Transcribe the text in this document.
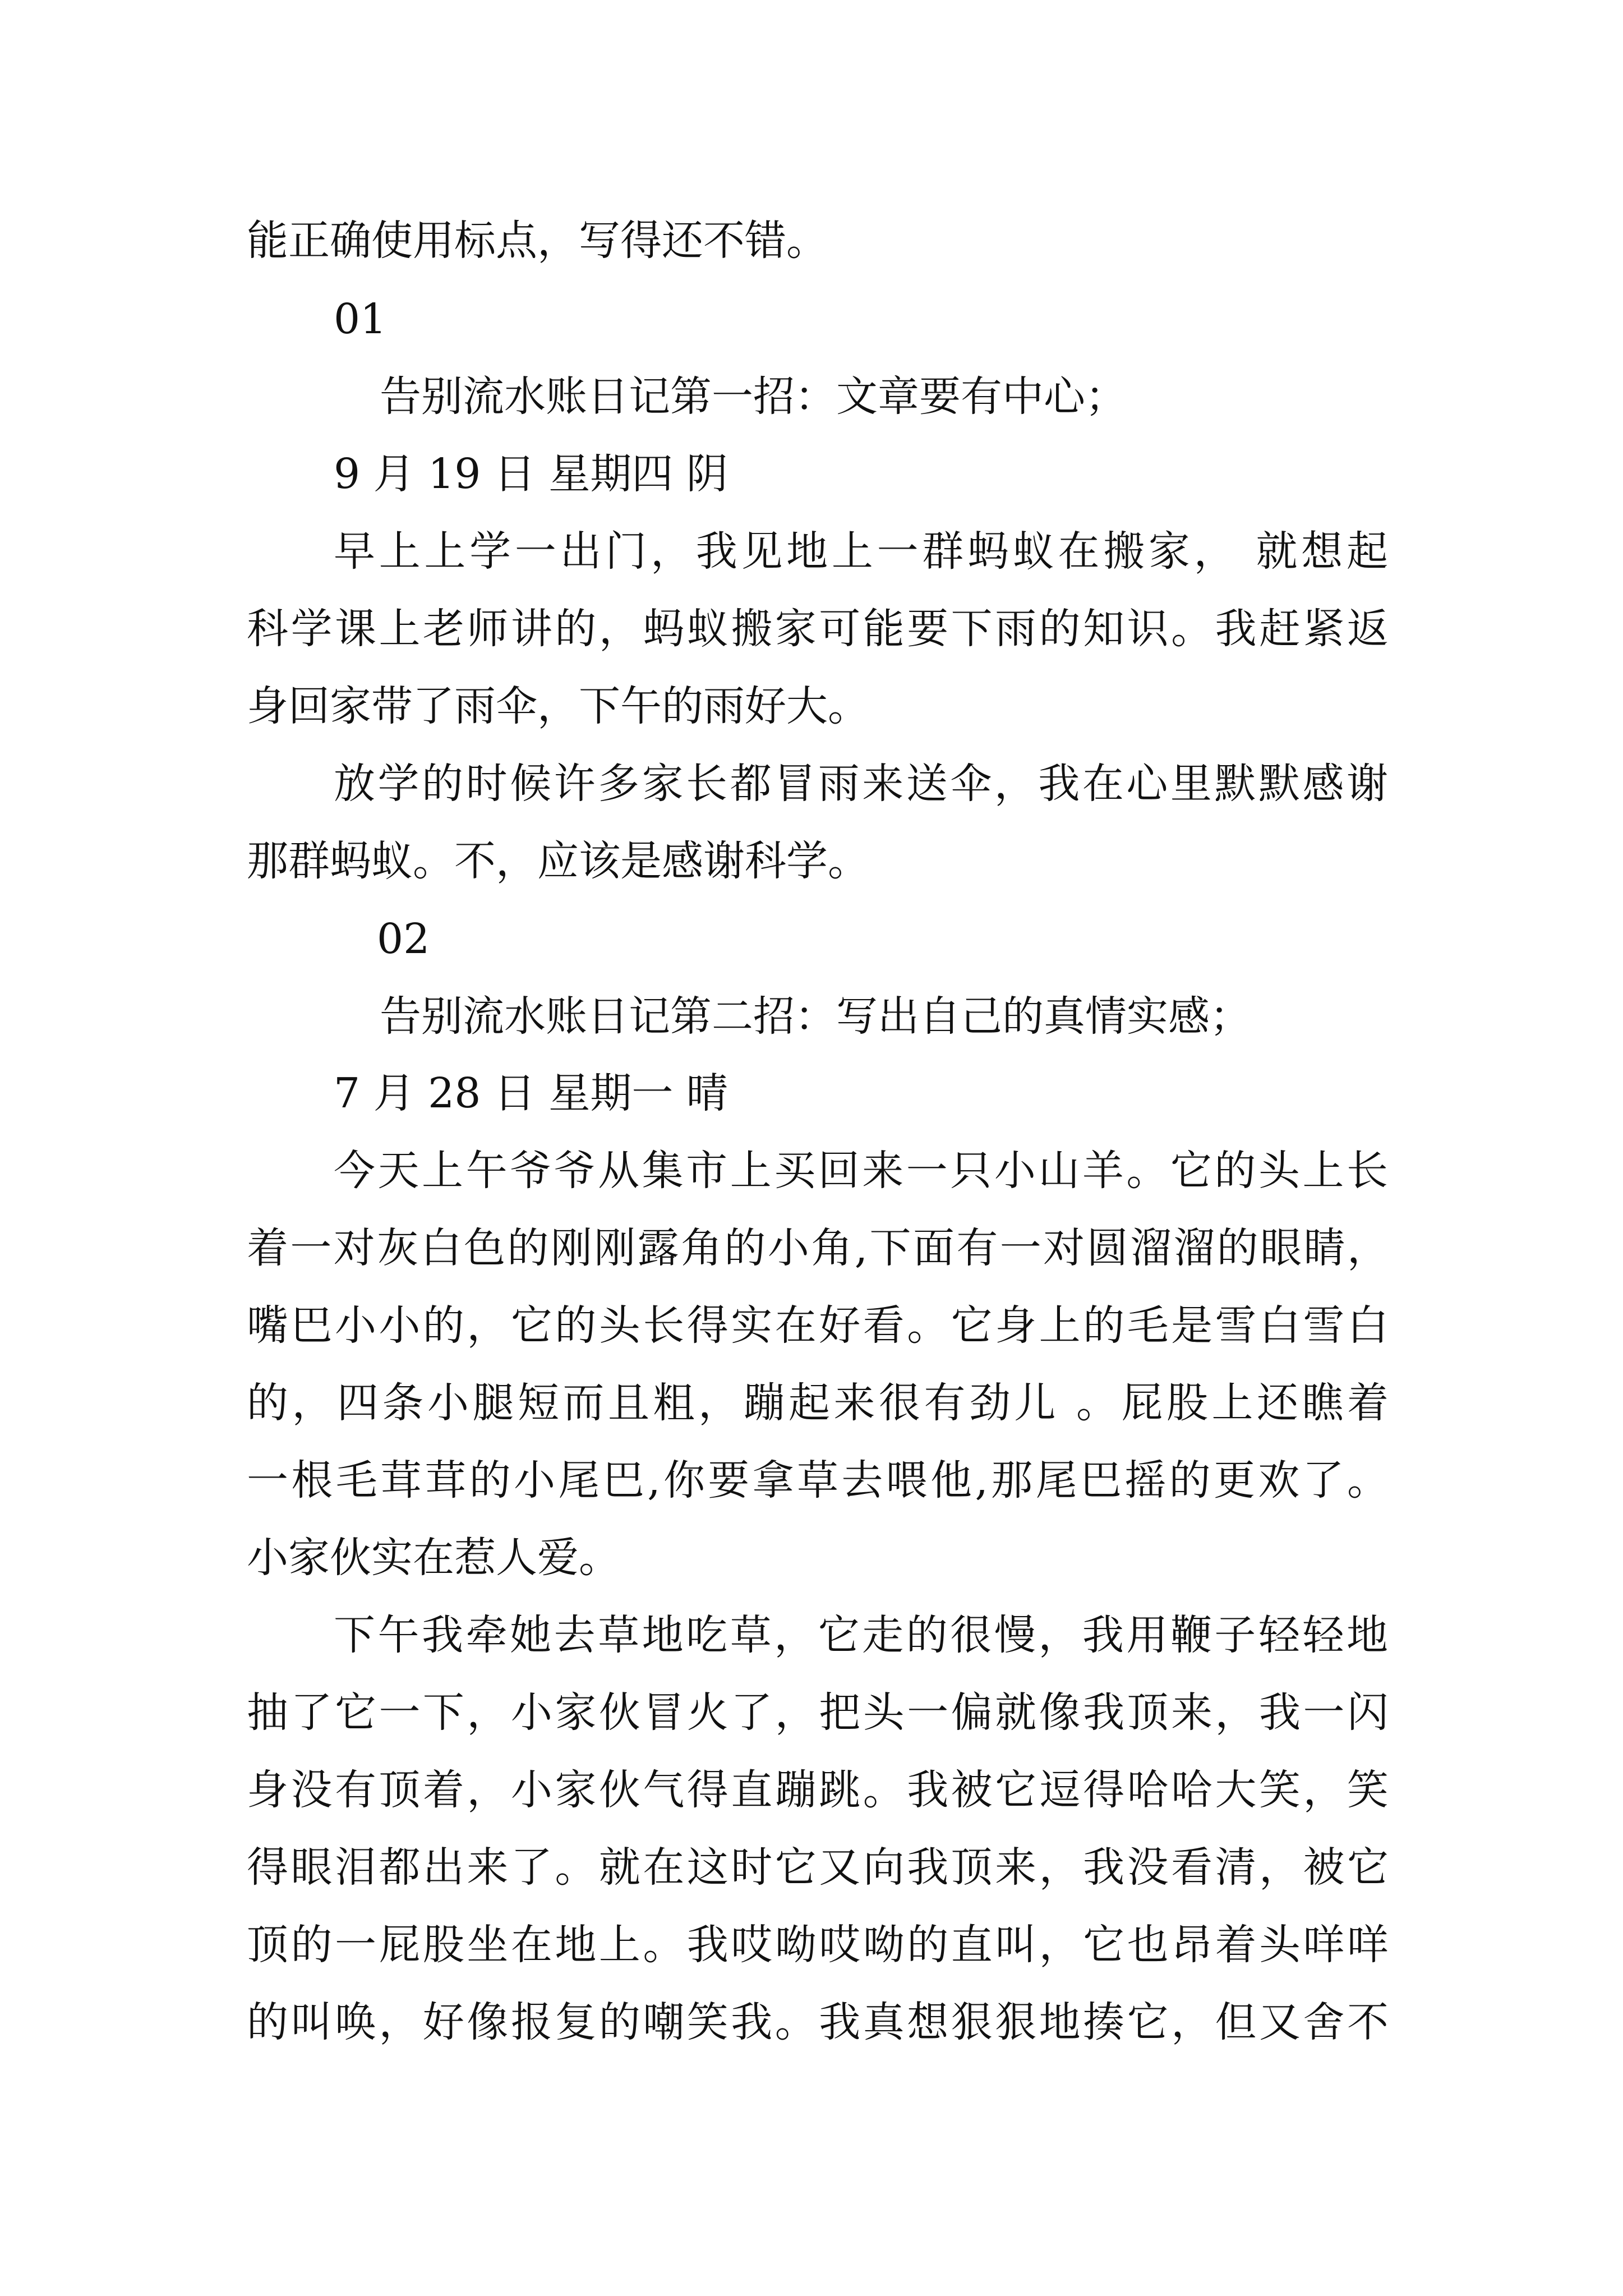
能正确使用标点，写得还不错。

01

告别流水账日记第一招：文章要有中心；

9 月 19 日 星期四 阴

早上上学一出门，我见地上一群蚂蚁在搬家， 就想起

科学课上老师讲的，蚂蚁搬家可能要下雨的知识。我赶紧返

身回家带了雨伞，下午的雨好大。

放学的时候许多家长都冒雨来送伞，我在心里默默感谢

那群蚂蚁。不，应该是感谢科学。

02

告别流水账日记第二招：写出自己的真情实感；

7 月 28 日 星期一 晴

今天上午爷爷从集市上买回来一只小山羊。它的头上长

着一对灰白色的刚刚露角的小角,下面有一对圆溜溜的眼睛，

嘴巴小小的，它的头长得实在好看。它身上的毛是雪白雪白

的，四条小腿短而且粗，蹦起来很有劲儿 。屁股上还瞧着

一根毛茸茸的小尾巴,你要拿草去喂他,那尾巴摇的更欢了。

小家伙实在惹人爱。

下午我牵她去草地吃草，它走的很慢，我用鞭子轻轻地

抽了它一下，小家伙冒火了，把头一偏就像我顶来，我一闪

身没有顶着，小家伙气得直蹦跳。我被它逗得哈哈大笑，笑

得眼泪都出来了。就在这时它又向我顶来，我没看清，被它

顶的一屁股坐在地上。我哎呦哎呦的直叫，它也昂着头咩咩

的叫唤，好像报复的嘲笑我。我真想狠狠地揍它，但又舍不
